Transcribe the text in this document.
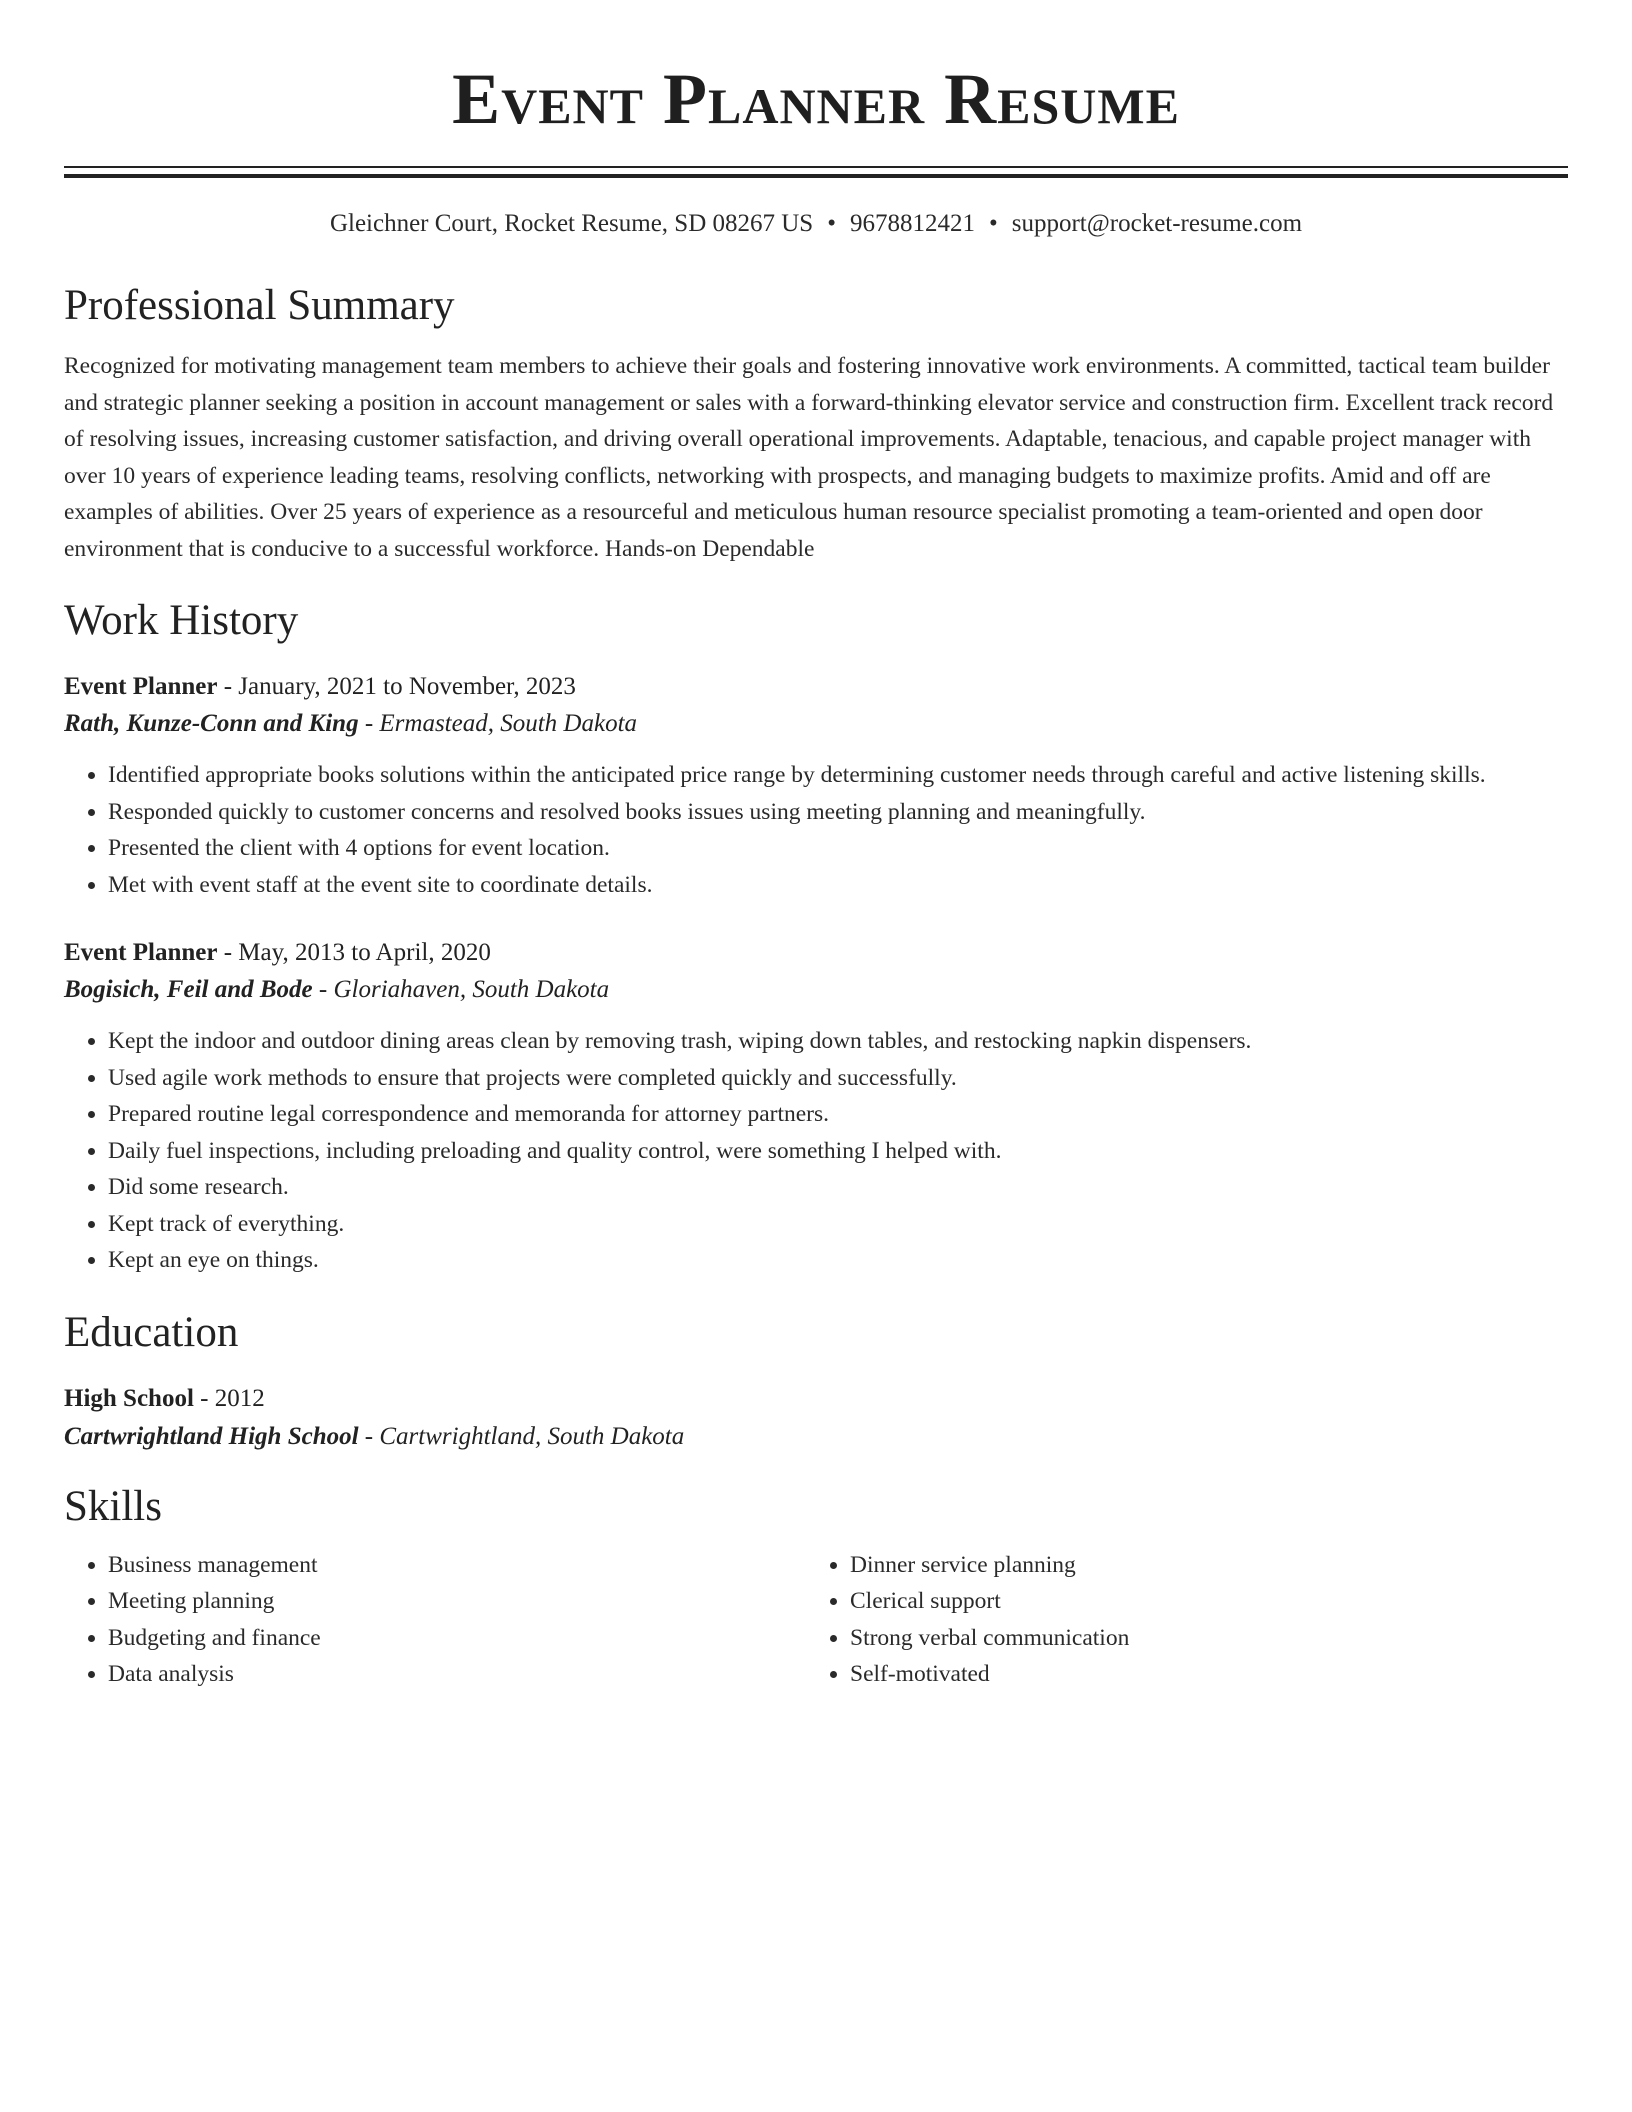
Event Planner Resume
Gleichner Court, Rocket Resume, SD 08267 US • 9678812421 • support@rocket-resume.com
Professional Summary
Recognized for motivating management team members to achieve their goals and fostering innovative work environments. A committed, tactical team builder and strategic planner seeking a position in account management or sales with a forward-thinking elevator service and construction firm. Excellent track record of resolving issues, increasing customer satisfaction, and driving overall operational improvements. Adaptable, tenacious, and capable project manager with over 10 years of experience leading teams, resolving conflicts, networking with prospects, and managing budgets to maximize profits. Amid and off are examples of abilities. Over 25 years of experience as a resourceful and meticulous human resource specialist promoting a team-oriented and open door environment that is conducive to a successful workforce. Hands-on Dependable
Work History
Event Planner - January, 2021 to November, 2023
Rath, Kunze-Conn and King - Ermastead, South Dakota
• Identified appropriate books solutions within the anticipated price range by determining customer needs through careful and active listening skills.
• Responded quickly to customer concerns and resolved books issues using meeting planning and meaningfully.
• Presented the client with 4 options for event location.
• Met with event staff at the event site to coordinate details.
Event Planner - May, 2013 to April, 2020
Bogisich, Feil and Bode - Gloriahaven, South Dakota
• Kept the indoor and outdoor dining areas clean by removing trash, wiping down tables, and restocking napkin dispensers.
• Used agile work methods to ensure that projects were completed quickly and successfully.
• Prepared routine legal correspondence and memoranda for attorney partners.
• Daily fuel inspections, including preloading and quality control, were something I helped with.
• Did some research.
• Kept track of everything.
• Kept an eye on things.
Education
High School - 2012
Cartwrightland High School - Cartwrightland, South Dakota
Skills
• Business management
• Meeting planning
• Budgeting and finance
• Data analysis
• Dinner service planning
• Clerical support
• Strong verbal communication
• Self-motivated
